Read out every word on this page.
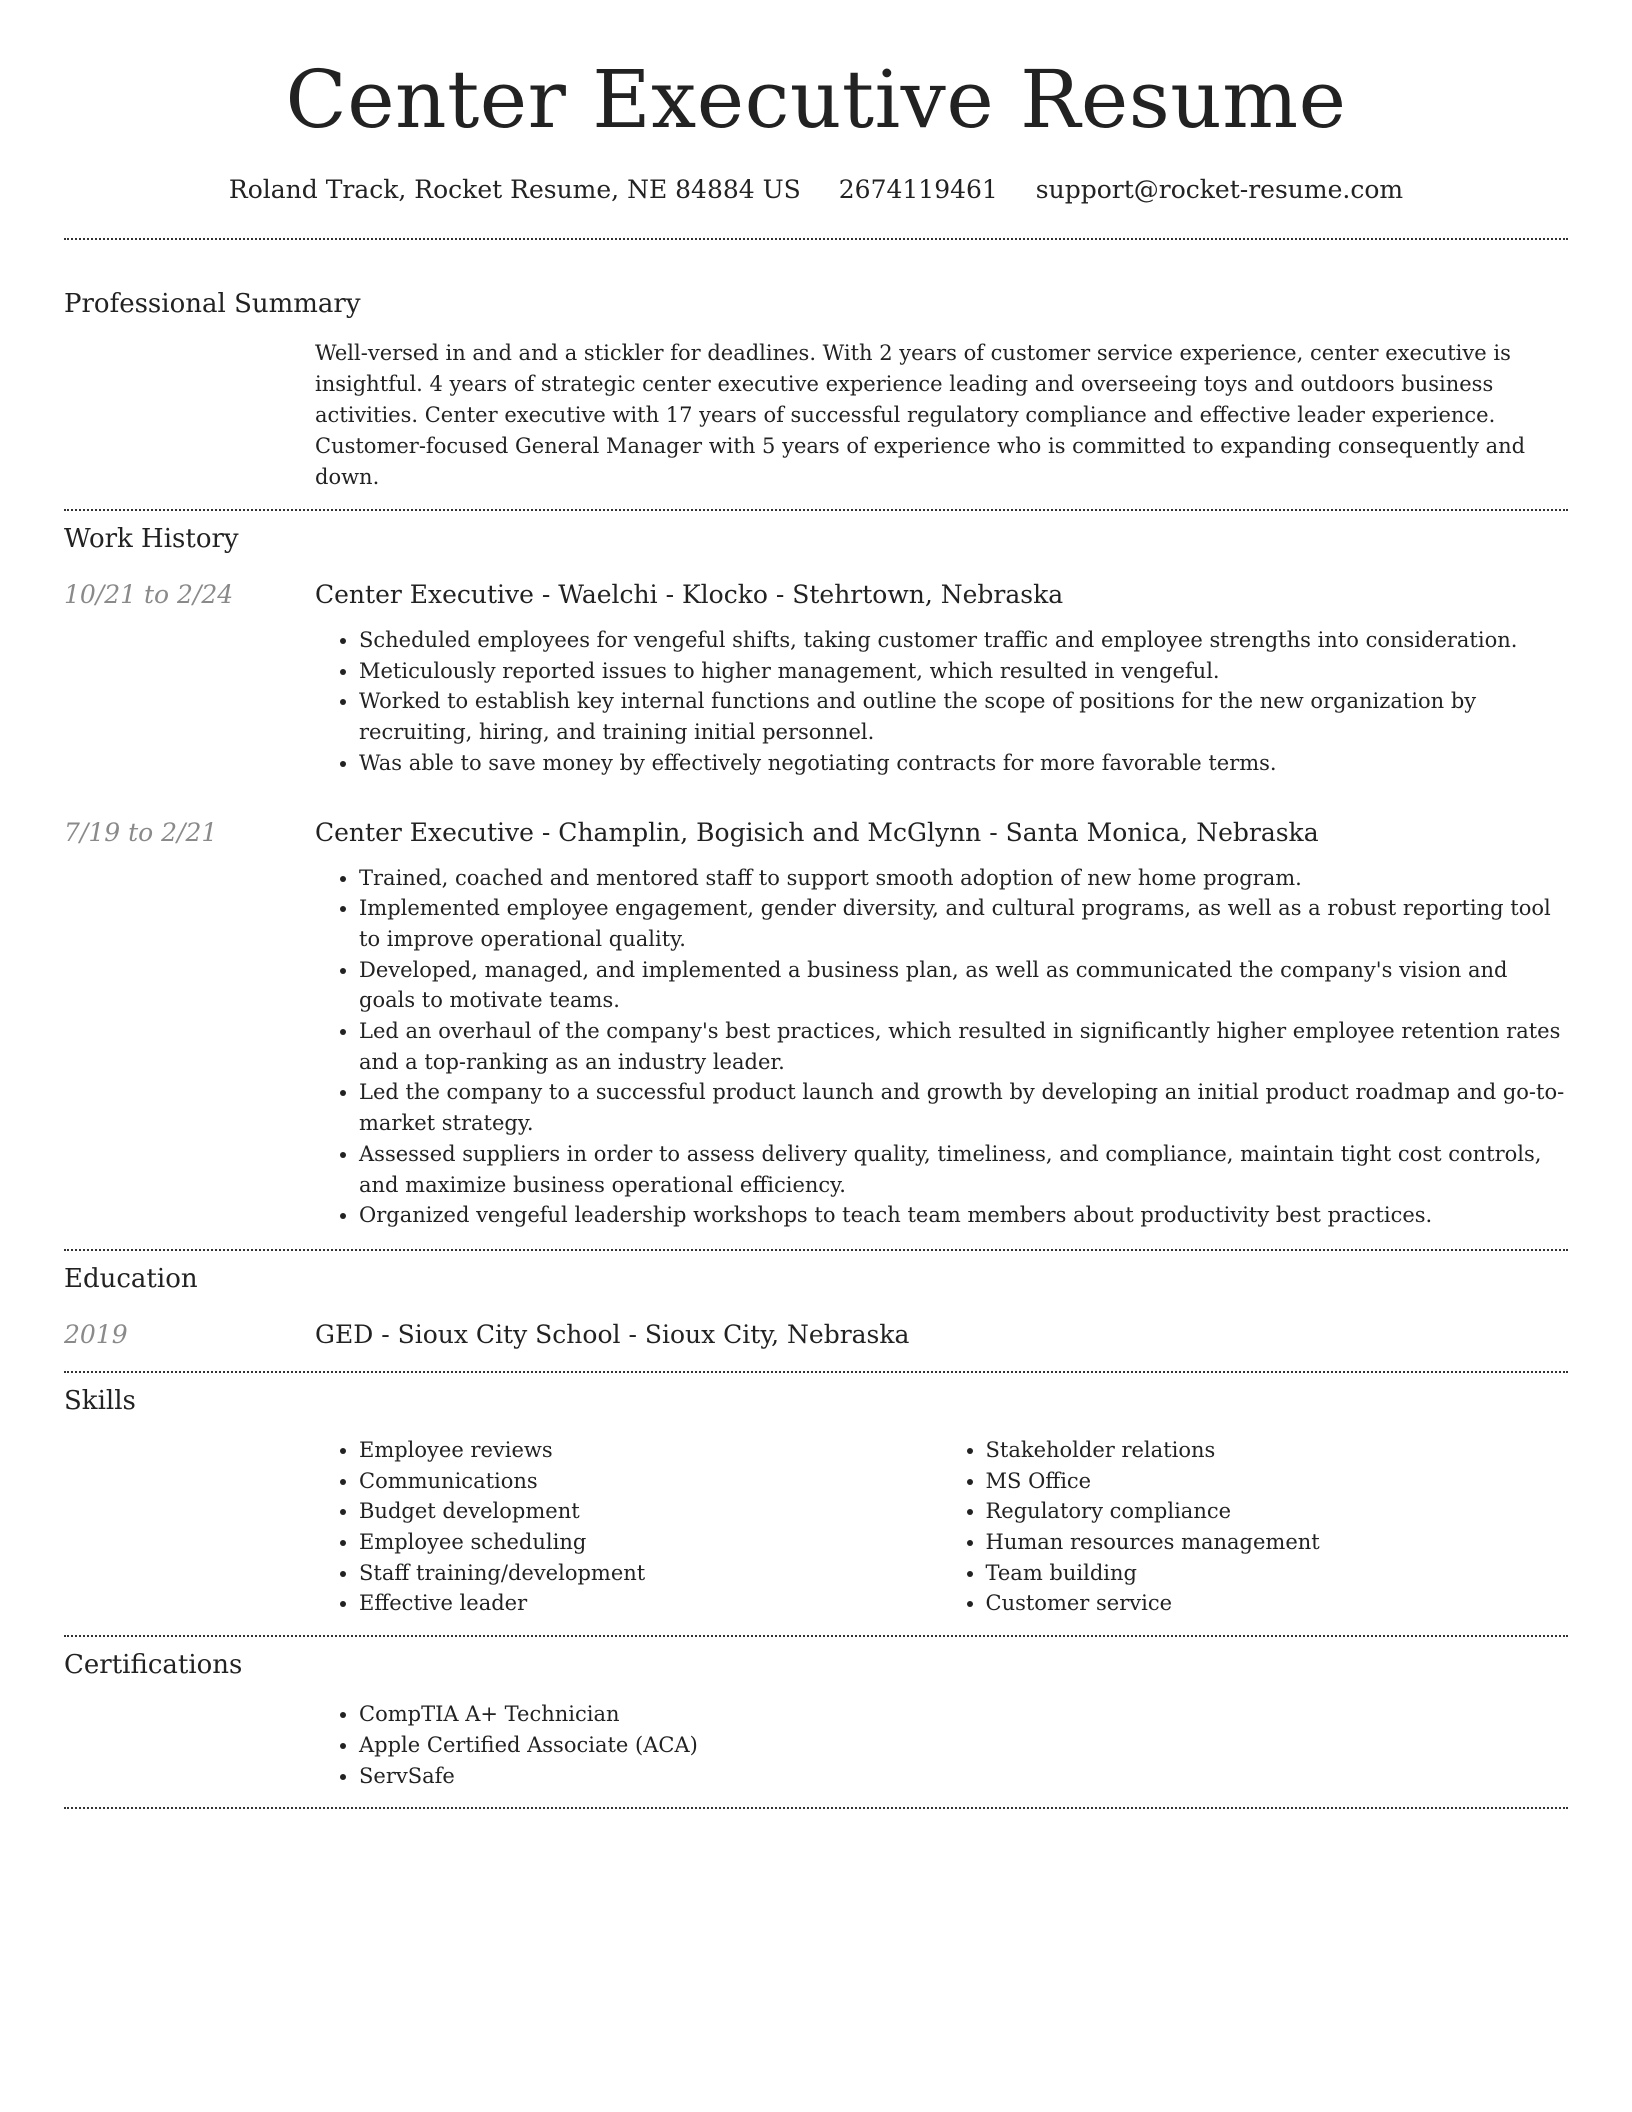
Center Executive Resume
Roland Track, Rocket Resume, NE 84884 US 2674119461 support@rocket-resume.com
Professional Summary
Well-versed in and and a stickler for deadlines. With 2 years of customer service experience, center executive is insightful. 4 years of strategic center executive experience leading and overseeing toys and outdoors business activities. Center executive with 17 years of successful regulatory compliance and effective leader experience. Customer-focused General Manager with 5 years of experience who is committed to expanding consequently and down.
Work History
10/21 to 2/24	Center Executive - Waelchi - Klocko - Stehrtown, Nebraska
• Scheduled employees for vengeful shifts, taking customer traffic and employee strengths into consideration.
• Meticulously reported issues to higher management, which resulted in vengeful.
• Worked to establish key internal functions and outline the scope of positions for the new organization by recruiting, hiring, and training initial personnel.
• Was able to save money by effectively negotiating contracts for more favorable terms.
7/19 to 2/21	Center Executive - Champlin, Bogisich and McGlynn - Santa Monica, Nebraska
• Trained, coached and mentored staff to support smooth adoption of new home program.
• Implemented employee engagement, gender diversity, and cultural programs, as well as a robust reporting tool to improve operational quality.
• Developed, managed, and implemented a business plan, as well as communicated the company's vision and goals to motivate teams.
• Led an overhaul of the company's best practices, which resulted in significantly higher employee retention rates and a top-ranking as an industry leader.
• Led the company to a successful product launch and growth by developing an initial product roadmap and go-to-market strategy.
• Assessed suppliers in order to assess delivery quality, timeliness, and compliance, maintain tight cost controls, and maximize business operational efficiency.
• Organized vengeful leadership workshops to teach team members about productivity best practices.
Education
2019	GED - Sioux City School - Sioux City, Nebraska
Skills
• Employee reviews
• Communications
• Budget development
• Employee scheduling
• Staff training/development
• Effective leader
• Stakeholder relations
• MS Office
• Regulatory compliance
• Human resources management
• Team building
• Customer service
Certifications
• CompTIA A+ Technician
• Apple Certified Associate (ACA)
• ServSafe
